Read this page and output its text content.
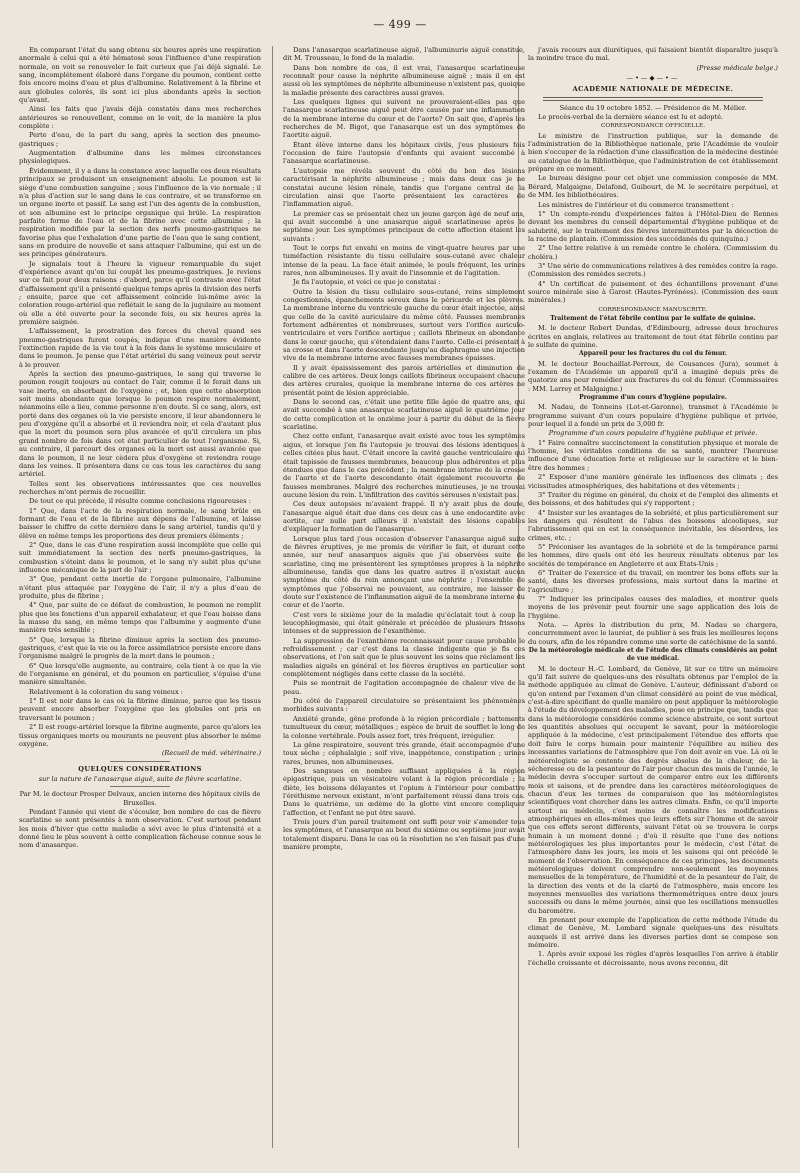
— 499 —

En comparant l'état du sang obtenu six heures après une respiration anormale à celui qui a été hématosé sous l'influence d'une respiration normale, on voit se renouveler le fait curieux que j'ai déjà signalé. Le sang, incomplétement élaboré dans l'organe du poumon, contient cette fois encore moins d'eau et plus d'albumine. Relativement à la fibrine et aux globules colorés, ils sont ici plus abondants après la section qu'avant.

Ainsi les faits que j'avais déjà constatés dans mes recherches antérieures se renouvellent, comme on le voit, de la manière la plus complète :

Perte d'eau, de la part du sang, après la section des pneumo-gastriques ;

Augmentation d'albumine dans les mêmes circonstances physiologiques.

Évidemment, il y a dans la constance avec laquelle ces deux résultats principaux se produisent un enseignement absolu. Le poumon est le siège d'une combustion sanguine ; sous l'influence de la vie normale ; il n'a plus d'action sur le sang dans le cas contraire, et se transforme en un organe inerte et passif. Le sang est l'un des agents de la combustion, et son albumine est le principe organique qui brûle. La respiration parfaite forme de l'eau et de la fibrine avec cette albumine ; la respiration modifiée par la section des nerfs pneumo-gastriques ne favorise plus que l'exhalation d'une partie de l'eau que le sang contient, sans en produire de nouvelle et sans attaquer l'albumine, qui est un de ses principes générateurs.

Je signalais tout à l'heure la vigueur remarquable du sujet d'expérience avant qu'on lui coupât les pneumo-gastriques. Je reviens sur ce fait pour deux raisons : d'abord, parce qu'il contraste avec l'état d'affaissement qu'il a présenté quelque temps après la division des nerfs ; ensuite, parce que cet affaissement coïncide lui-même avec la coloration rouge-artériel que reflétait le sang de la jugulaire au moment où elle a été ouverte pour la seconde fois, ou six heures après la première saignée.

L'affaissement, la prostration des forces du cheval quand ses pneumo-gastriques furent coupés, indique d'une manière évidente l'extinction rapide de la vie tout à la fois dans le système musculaire et dans le poumon. Je pense que l'état artériel du sang veineux peut servir à le prouver.

Après la section des pneumo-gastriques, le sang qui traverse le poumon rougit toujours au contact de l'air, comme il le ferait dans un vase inerte, en absorbant de l'oxygène ; et, bien que cette absorption soit moins abondante que lorsque le poumon respire normalement, néanmoins elle a lieu, comme personne n'en doute. Si ce sang, alors, est porté dans des organes où la vie persiste encore, il leur abandonnera le peu d'oxygène qu'il a absorbé et il reviendra noir, et cela d'autant plus que la mort du poumon sera plus avancée et qu'il circulera un plus grand nombre de fois dans cet état particulier de tout l'organisme. Si, au contraire, il parcourt des organes où la mort est aussi avancée que dans le poumon, il ne leur cèdera plus d'oxygène et reviendra rouge dans les veines. Il présentera dans ce cas tous les caractères du sang artériel.

Telles sont les observations intéressantes que ces nouvelles recherches m'ont permis de recueillir.

De tout ce qui précède, il résulte comme conclusions rigoureuses :

1° Que, dans l'acte de la respiration normale, le sang brûle en formant de l'eau et de la fibrine aux dépens de l'albumine, et laisse baisser le chiffre de cette dernière dans le sang artériel, tandis qu'il y élève en même temps les proportions des deux premiers éléments ;

2° Que, dans le cas d'une respiration aussi incomplète que celle qui suit immédiatement la section des nerfs pneumo-gastriques, la combustion s'éteint dans le poumon, et le sang n'y subit plus qu'une influence mécanique de la part de l'air ;

3° Que, pendant cette inertie de l'organe pulmonaire, l'albumine n'étant plus attaquée par l'oxygène de l'air, il n'y a plus d'eau de produite, plus de fibrine ;

4° Que, par suite de ce défaut de combustion, le poumon ne remplit plus que les fonctions d'un appareil exhalateur, et que l'eau baisse dans la masse du sang, en même temps que l'albumine y augmente d'une manière très sensible ;

5° Que, lorsque la fibrine diminue après la section des pneumo-gastriques, c'est que la vie ou la force assimilatrice persiste encore dans l'organisme malgré le progrès de la mort dans le poumon ;

6° Que lorsqu'elle augmente, au contraire, cela tient à ce que la vie de l'organisme en général, et du poumon en particulier, s'épuise d'une manière simultanée.

Relativement à la coloration du sang veineux :

1° Il est noir dans le cas où la fibrine diminue, parce que les tissus peuvent encore absorber l'oxygène que les globules ont pris en traversant le poumon ;

2° Il est rouge-artériel lorsque la fibrine augmente, parce qu'alors les tissus organiques morts ou mourants ne peuvent plus absorber le même oxygène.

(Recueil de méd. vétérinaire.)

QUELQUES CONSIDÉRATIONS

sur la nature de l'anasarque aiguë, suite de fièvre scarlatine.

Par M. le docteur Prosper Delvaux, ancien interne des hôpitaux civils de Bruxelles.

Pendant l'année qui vient de s'écouler, bon nombre de cas de fièvre scarlatine se sont présentés à mon observation. C'est surtout pendant les mois d'hiver que cette maladie a sévi avec le plus d'intensité et a donné lieu le plus souvent à cette complication fâcheuse connue sous le nom d'anasarque.

Dans l'anasarque scarlatineuse aiguë, l'albuminurie aiguë constitue, dit M. Trousseau, le fond de la maladie.

Dans bon nombre de cas, il est vrai, l'anasarque scarlatineuse reconnaît pour cause la néphrite albumineuse aiguë ; mais il en est aussi où les symptômes de néphrite albumineuse n'existent pas, quoique la maladie présente des caractères aussi graves.

Les quelques lignes qui suivent ne prouveraient-elles pas que l'anasarque scarlatineuse aiguë peut être causée par une inflammation de la membrane interne du cœur et de l'aorte? On sait que, d'après les recherches de M. Bigot, que l'anasarque est un des symptômes de l'aortite aiguë.

Étant élève interne dans les hôpitaux civils, j'eus plusieurs fois l'occasion de faire l'autopsie d'enfants qui avaient succombé à l'anasarque scarlatineuse.

L'autopsie me révéla souvent du côté du bon des lésions caractérisant la néphrite albumineuse ; mais dans deux cas je ne constatai aucune lésion rénale, tandis que l'organe central de la circulation ainsi que l'aorte présentaient les caractères de l'inflammation aiguë.

Le premier cas se présentait chez un jeune garçon âgé de neuf ans, qui avait succombé à une anasarque aiguë scarlatineuse après le septième jour. Les symptômes principaux de cette affection étaient les suivants :

Tout le corps fut envahi en moins de vingt-quatre heures par une tuméfaction résistante du tissu cellulaire sous-cutané avec chaleur intense de la peau. La face était animée, le pouls fréquent, les urines rares, non albumineuses. Il y avait de l'insomnie et de l'agitation.

Je fis l'autopsie, et voici ce que je constatai :

Outre la lésion du tissu cellulaire sous-cutané, reins simplement congestionnés, épanchements séreux dans le péricarde et les plèvres. La membrane interne du ventricule gauche du cœur était injectée, ainsi que celle de la cavité auriculaire du même côté. Fausses membranes fortement adhérentes et nombreuses, surtout vers l'orifice auriculo-ventriculaire et vers l'orifice aortique ; caillots fibrineux en abondance dans le cœur gauche, qui s'étendaient dans l'aorte. Celle-ci présentait à sa crosse et dans l'aorte descendante jusqu'au diaphragme une injection vive de la membrane interne avec fausses membranes épaisses.

Il y avait épaississement des parois artérielles et diminution de calibre de ces artères. Deux longs caillots fibrineux occupaient chacune des artères crurales, quoique la membrane interne de ces artères ne présentât point de lésion appréciable.

Dans le second cas, c'était une petite fille âgée de quatre ans, qui avait succombé à une anasarque scarlatineuse aiguë le quatrième jour de cette complication et le onzième jour à partir du début de la fièvre scarlatine.

Chez cette enfant, l'anasarque avait existé avec tous les symptômes aigus, et lorsque j'en fis l'autopsie je trouvai des lésions identiques à celles citées plus haut. C'était encore la cavité gauche ventriculaire qui était tapissée de fausses membranes, beaucoup plus adhérentes et plus étendues que dans le cas précédent ; la membrane interne de la crosse de l'aorte et de l'aorte descendante était également recouverte de fausses membranes. Malgré des recherches minutieuses, je ne trouvai aucune lésion du rein. L'infiltration des cavités séreuses n'existait pas.

Ces deux autopsies m'avaient frappé. Il n'y avait plus de doute, l'anasarque aiguë était due dans ces deux cas à une endocardite avec aortite, car nulle part ailleurs il n'existait des lésions capables d'expliquer la formation de l'anasarque.

Lorsque plus tard j'eus occasion d'observer l'anasarque aiguë suite de fièvres éruptives, je me promis de vérifier le fait, et durant cette année, sur neuf anasarques aiguës que j'ai observées suite de scarlatine, cinq me présentèrent les symptômes propres à la néphrite albumineuse, tandis que dans les quatre autres il n'existait aucun symptôme du côté du rein annonçant une néphrite ; l'ensemble de symptômes que j'observai ne pouvaient, au contraire, me laisser de doute sur l'existence de l'inflammation aiguë de la membrane interne du cœur et de l'aorte.

C'est vers le sixième jour de la maladie qu'éclatait tout à coup la leucophlegmasie, qui était générale et précédée de plusieurs frissons intenses et de suppression de l'exanthème.

La suppression de l'exanthème reconnaissait pour cause probable le refroidissement ; car c'est dans la classe indigente que je fis ces observations, et l'on sait que le plus souvent les soins que réclament les maladies aiguës en général et les fièvres éruptives en particulier sont complètement négligés dans cette classe de la société.

Puis se montrait de l'agitation accompagnée de chaleur vive de la peau.

Du côté de l'appareil circulatoire se présentaient les phénomènes morbides suivants :

Anxiété grande, gêne profonde à la région précordiale ; battements tumultueux du cœur, métalliques ; espèce de bruit de soufflet le long de la colonne vertébrale. Pouls assez fort, très fréquent, irrégulier.

La gêne respiratoire, souvent très grande, était accompagnée d'une toux sèche ; céphalalgie ; soif vive, inappétence, constipation ; urines rares, brunes, non albumineuses.

Des sangsues en nombre suffisant appliquées à la région épigastrique, puis un vésicatoire volant à la région précordiale ; la diète, les boissons délayantes et l'opium à l'intérieur pour combattre l'éréthisme nerveux existant, m'ont parfaitement réussi dans trois cas. Dans le quatrième, un œdème de la glotte vint encore compliquer l'affection, et l'enfant ne put être sauvé.

Trois jours d'un pareil traitement ont suffi pour voir s'amender tous les symptômes, et l'anasarque au bout du sixième ou septième jour avait totalement disparu. Dans le cas où la résolution ne s'en faisait pas d'une manière prompte,

j'avais recours aux diurétiques, qui faisaient bientôt disparaître jusqu'à la moindre trace du mal.

(Presse médicale belge.)

—•—◆—•—

ACADÉMIE NATIONALE DE MÉDECINE.

Séance du 19 octobre 1852. — Présidence de M. Mélier.

Le procès-verbal de la dernière séance est lu et adopté.

CORRESPONDANCE OFFICIELLE.

Le ministre de l'instruction publique, sur la demande de l'administration de la Bibliothèque nationale, prie l'Académie de vouloir bien s'occuper de la rédaction d'une classification de la médecine destinée au catalogue de la Bibliothèque, que l'administration de cet établissement prépare en ce moment.

Le bureau désigne pour cet objet une commission composée de MM. Bérard, Malgaigne, Delafond, Guibourt, de M. le secrétaire perpétuel, et de MM. les bibliothécaires.

Les ministres de l'intérieur et du commerce transmettent :

1° Un compte-rendu d'expériences faites à l'Hôtel-Dieu de Rennes devant les membres du conseil départemental d'hygiène publique et de salubrité, sur le traitement des fièvres intermittentes par la décoction de la racine de plantain. (Commission des succédanés du quinquina.)

2° Une lettre relative à un remède contre le choléra. (Commission du choléra.)

3° Une série de communications relatives à des remèdes contre la rage. (Commission des remèdes secrets.)

4° Un certificat de puisement et des échantillons provenant d'une source minérale sise à Garost (Hautes-Pyrénées). (Commission des eaux minérales.)

CORRESPONDANCE MANUSCRITE.

Traitement de l'état fébrile continu par le sulfate de quinine.

M. le docteur Robert Dundas, d'Edimbourg, adresse deux brochures écrites en anglais, relatives au traitement de tout état fébrile continu par le sulfate de quinine.

Appareil pour les fractures du col du fémur.

M. le docteur Bouchaillat-Perroux, de Cousances (Jura), soumet à l'examen de l'Académie un appareil qu'il a imaginé depuis près de quatorze ans pour remédier aux fractures du col du fémur. (Commissaires : MM. Larrey et Malgaigne.)

Programme d'un cours d'hygiène populaire.

M. Nadau, de Tonneins (Lot-et-Garonne), transmet à l'Académie le programme suivant d'un cours populaire d'hygiène publique et privée, pour lequel il a fondé un prix de 3,000 fr.

Programme d'un cours populaire d'hygiène publique et privée.

1° Faire connaître succinctement la constitution physique et morale de l'homme, les véritables conditions de sa santé, montrer l'heureuse influence d'une éducation forte et religieuse sur le caractère et le bien-être des hommes ;

2° Exposer d'une manière générale les influences des climats ; des vicissitudes atmosphériques, des habitations et des vêtements ;

3° Traiter du régime en général, du choix et de l'emploi des aliments et des boissons, et des habitudes qui s'y rapportent ;

4° Insister sur les avantages de la sobriété, et plus particulièrement sur les dangers qui résultent de l'abus des boissons alcooliques, sur l'abrutissement qui en est la conséquence inévitable, les désordres, les crimes, etc. ;

5° Préconiser les avantages de la sobriété et de la tempérance parmi les hommes, dire quels ont été les heureux résultats obtenus par les sociétés de tempérance en Angleterre et aux États-Unis ;

6° Traiter de l'exercice et du travail, en montrer les bons effets sur la santé, dans les diverses professions, mais surtout dans la marine et l'agriculture ;

7° Indiquer les principales causes des maladies, et montrer quels moyens de les prévenir peut fournir une sage application des lois de l'hygiène.

Nota. — Après la distribution du prix, M. Nadau se chargera, concurremment avec le lauréat, de publier à ses frais les meilleures leçons du cours, afin de les répandre comme une sorte de catéchisme de la santé.

De la météorologie médicale et de l'étude des climats considérés au point de vue médical.

M. le docteur H.-C. Lombard, de Genève, lit sur ce titre un mémoire qu'il fait suivre de quelques-uns des résultats obtenus par l'emploi de la méthode appliquée au climat de Genève. L'auteur, définissant d'abord ce qu'on entend par l'examen d'un climat considéré au point de vue médical, c'est-à-dire spécifiant de quelle manière on peut appliquer la météorologie à l'étude du développement des maladies, pose en principe que, tandis que dans la météorologie considérée comme science abstraite, ce sont surtout les quantités absolues qui occupent le savant, pour la météorologie appliquée à la médecine, c'est principalement l'étendue des efforts que doit faire le corps humain pour maintenir l'équilibre au milieu des incessantes variations de l'atmosphère que l'on doit avoir en vue. Là où le météorologiste se contente des degrés absolus de la chaleur, de la sécheresse ou de la pesanteur de l'air pour chacun des mois de l'année, le médecin devra s'occuper surtout de comparer entre eux les différents mois et saisons, et de prendre dans les caractères météorologiques de chacun d'eux les termes de comparaison que les météorologistes scientifiques vont chercher dans les autres climats. Enfin, ce qu'il importe surtout au médecin, c'est moins de connaître les modifications atmosphériques en elles-mêmes que leurs effets sur l'homme et de savoir que ces effets seront différents, suivant l'état où se trouvera le corps humain à un moment donné ; d'où il résulte que l'une des notions météorologiques les plus importantes pour le médecin, c'est l'état de l'atmosphère dans les jours, les mois et les saisons qui ont précédé le moment de l'observation. En conséquence de ces principes, les documents météorologiques doivent comprendre non-seulement les moyennes mensuelles de la température, de l'humidité et de la pesanteur de l'air, de la direction des vents et de la clarté de l'atmosphère, mais encore les moyennes mensuelles des variations thermométriques entre deux jours successifs ou dans le même journée, ainsi que les oscillations mensuelles du baromètre.

En prenant pour exemple de l'application de cette méthode l'étude du climat de Genève, M. Lombard signale quelques-uns des résultats auxquels il est arrivé dans les diverses parties dont se compose son mémoire.

1. Après avoir exposé les règles d'après lesquelles l'on arrive à établir l'échelle croissante et décroissante, nous avons reconnu, dit
